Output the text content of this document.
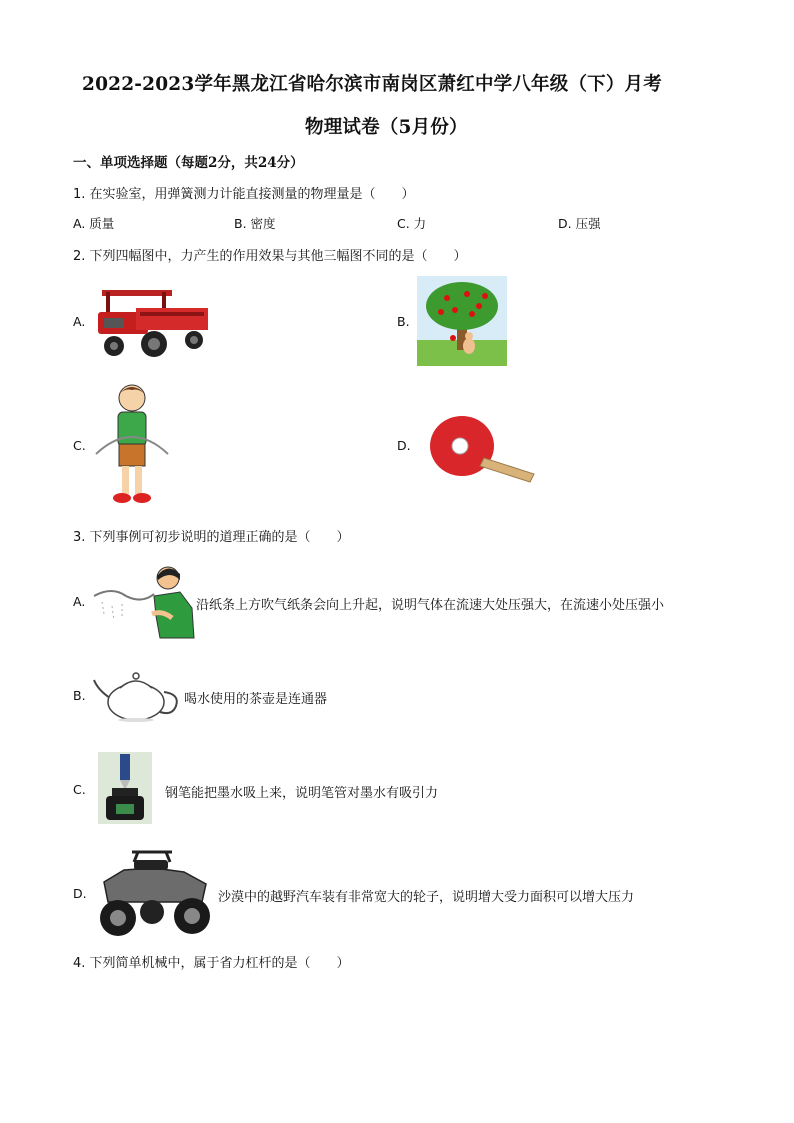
2022-2023学年黑龙江省哈尔滨市南岗区萧红中学八年级（下）月考
物理试卷（5月份）
一、单项选择题（每题2分，共24分）
1. 在实验室，用弹簧测力计能直接测量的物理量是（　　）
A. 质量	B. 密度	C. 力	D. 压强
2. 下列四幅图中，力产生的作用效果与其他三幅图不同的是（　　）
A.	B.
C.	D.
3. 下列事例可初步说明的道理正确的是（　　）
A.	沿纸条上方吹气纸条会向上升起，说明气体在流速大处压强大，在流速小处压强小
B.	喝水使用的茶壶是连通器
C.	钢笔能把墨水吸上来，说明笔管对墨水有吸引力
D.	沙漠中的越野汽车装有非常宽大的轮子，说明增大受力面积可以增大压力
4. 下列简单机械中，属于省力杠杆的是（　　）
